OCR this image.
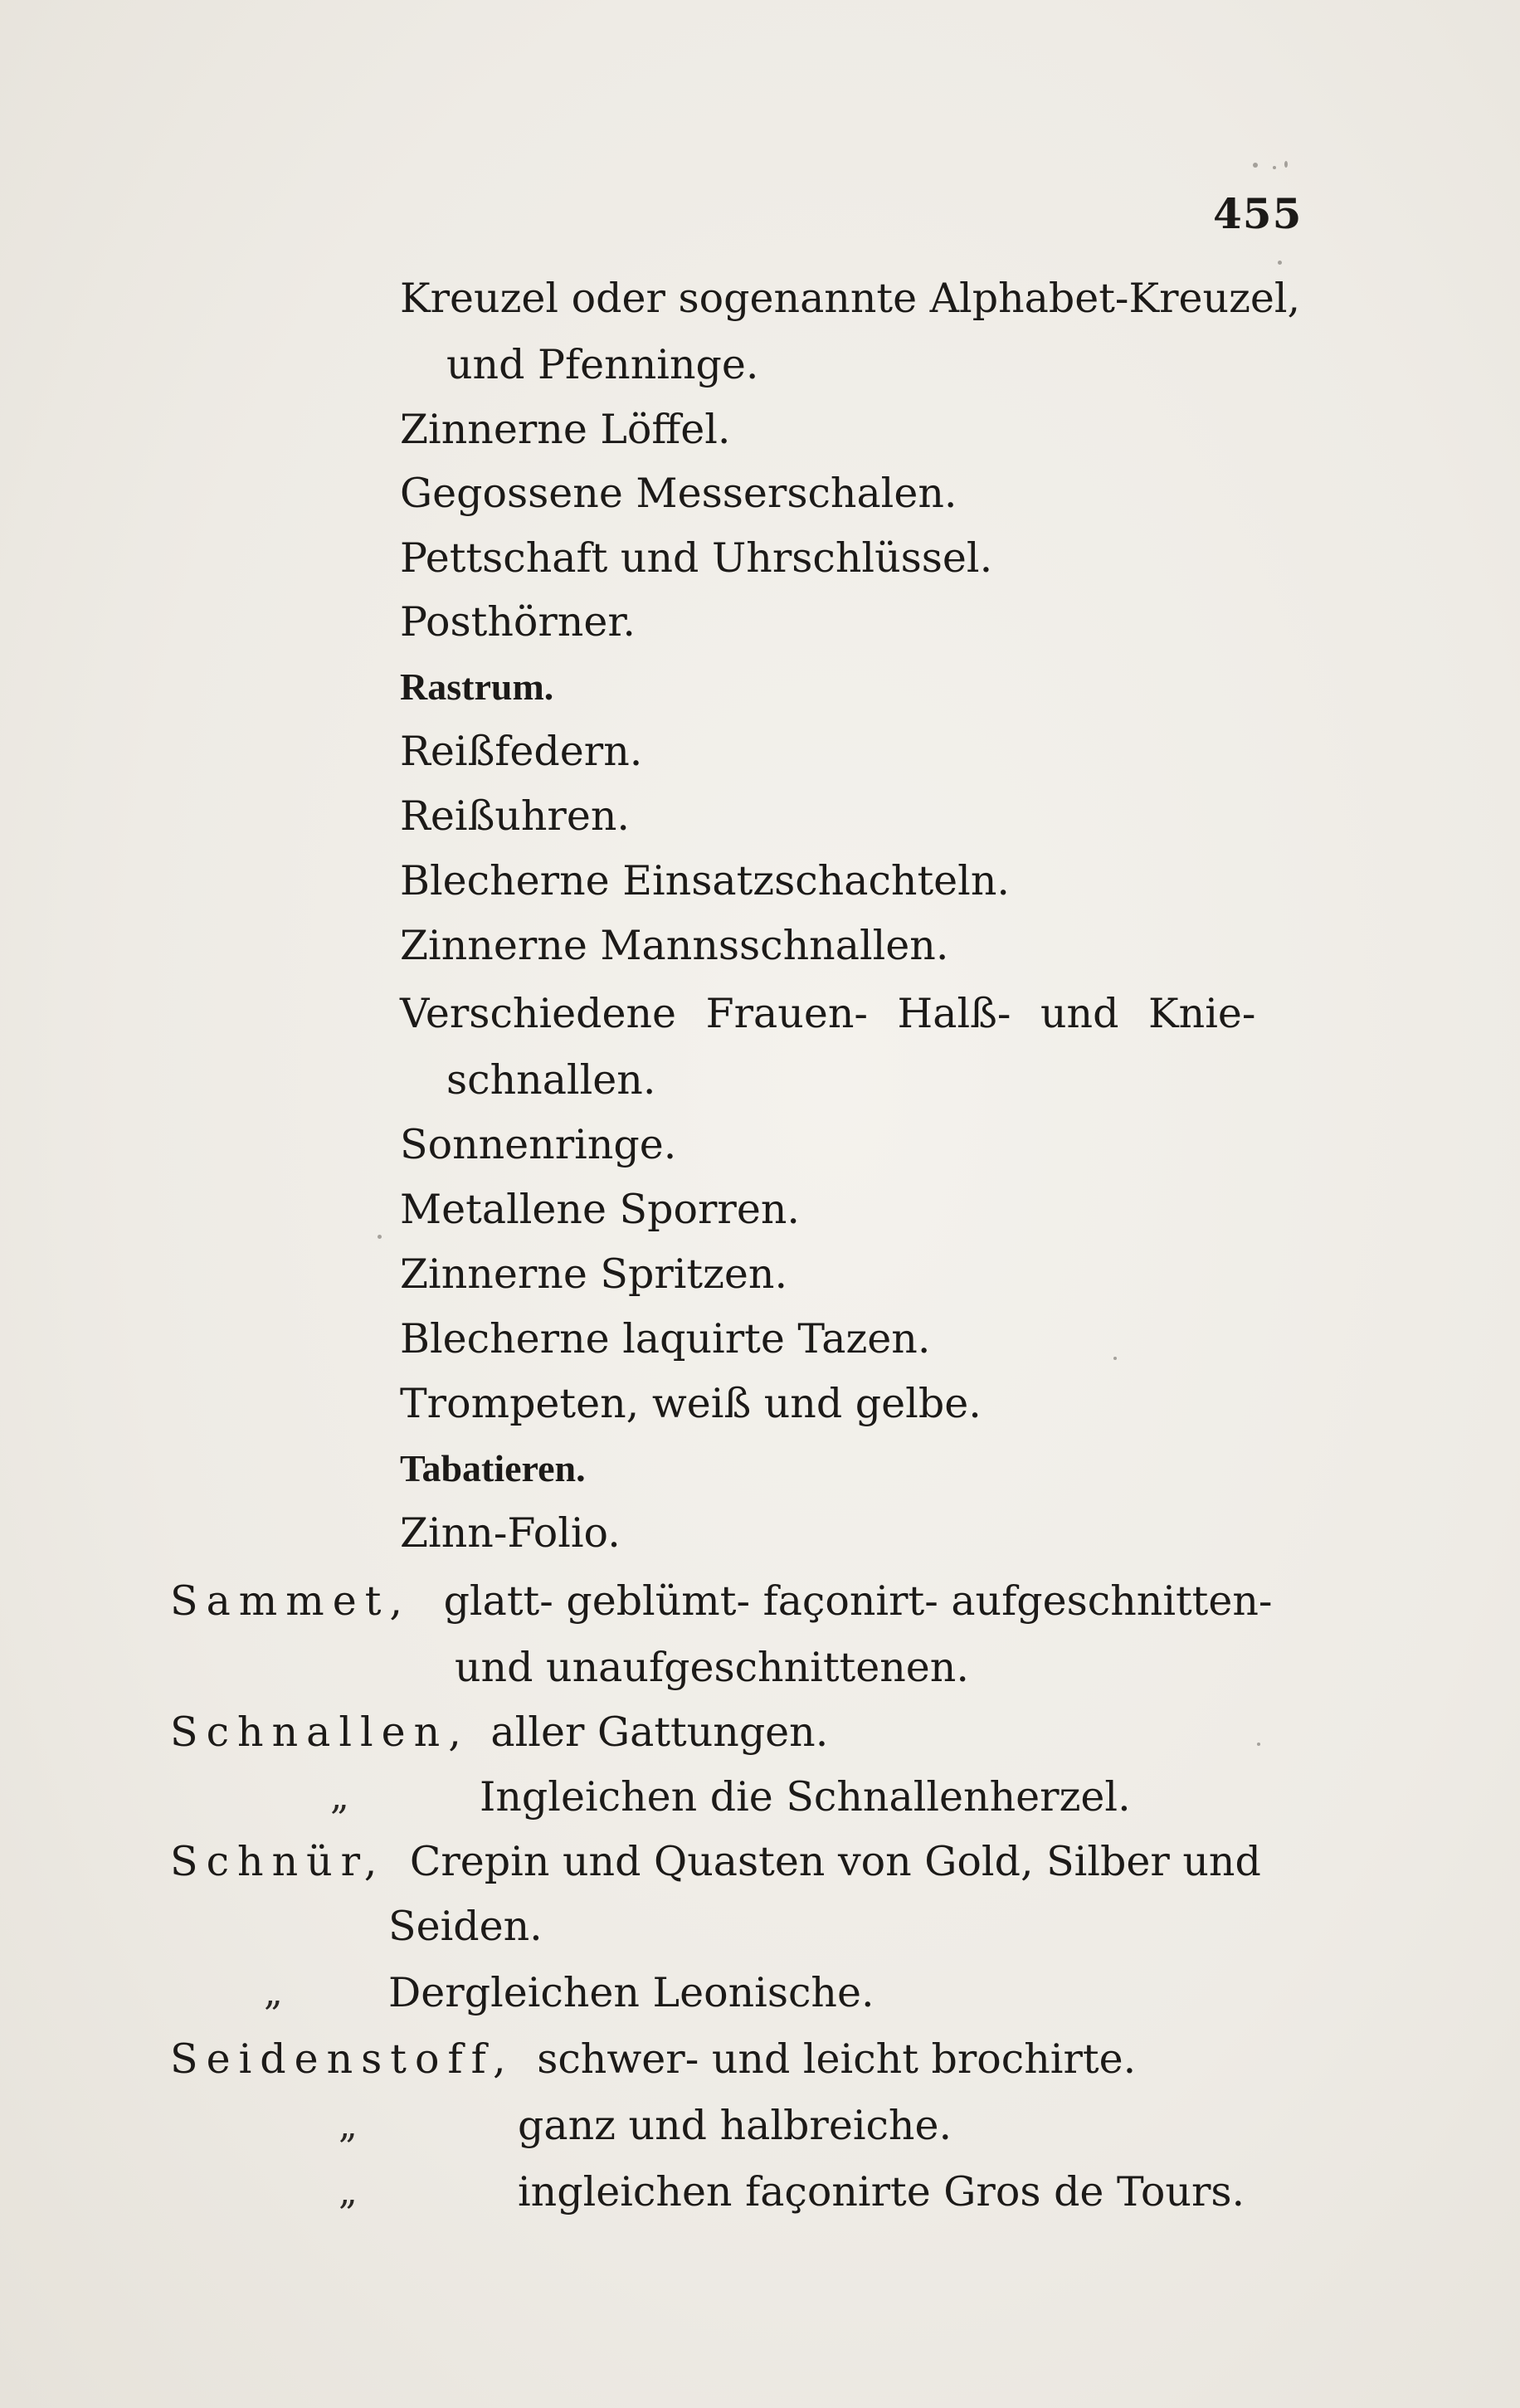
455
Kreuzel oder sogenannte Alphabet-Kreuzel,
und Pfenninge.
Zinnerne Löffel.
Gegossene Messerschalen.
Pettschaft und Uhrschlüssel.
Posthörner.
Rastrum.
Reißfedern.
Reißuhren.
Blecherne Einsatzschachteln.
Zinnerne Mannsschnallen.
Verschiedene Frauen- Halß- und Knie-
schnallen.
Sonnenringe.
Metallene Sporren.
Zinnerne Spritzen.
Blecherne laquirte Tazen.
Trompeten, weiß und gelbe.
Tabatieren.
Zinn-Folio.
Sammet, glatt- geblümt- façonirt- aufgeschnitten-
und unaufgeschnittenen.
Schnallen, aller Gattungen.
„	Ingleichen die Schnallenherzel.
Schnür, Crepin und Quasten von Gold, Silber und
Seiden.
„	Dergleichen Leonische.
Seidenstoff, schwer- und leicht brochirte.
„	ganz und halbreiche.
„	ingleichen façonirte Gros de Tours.
